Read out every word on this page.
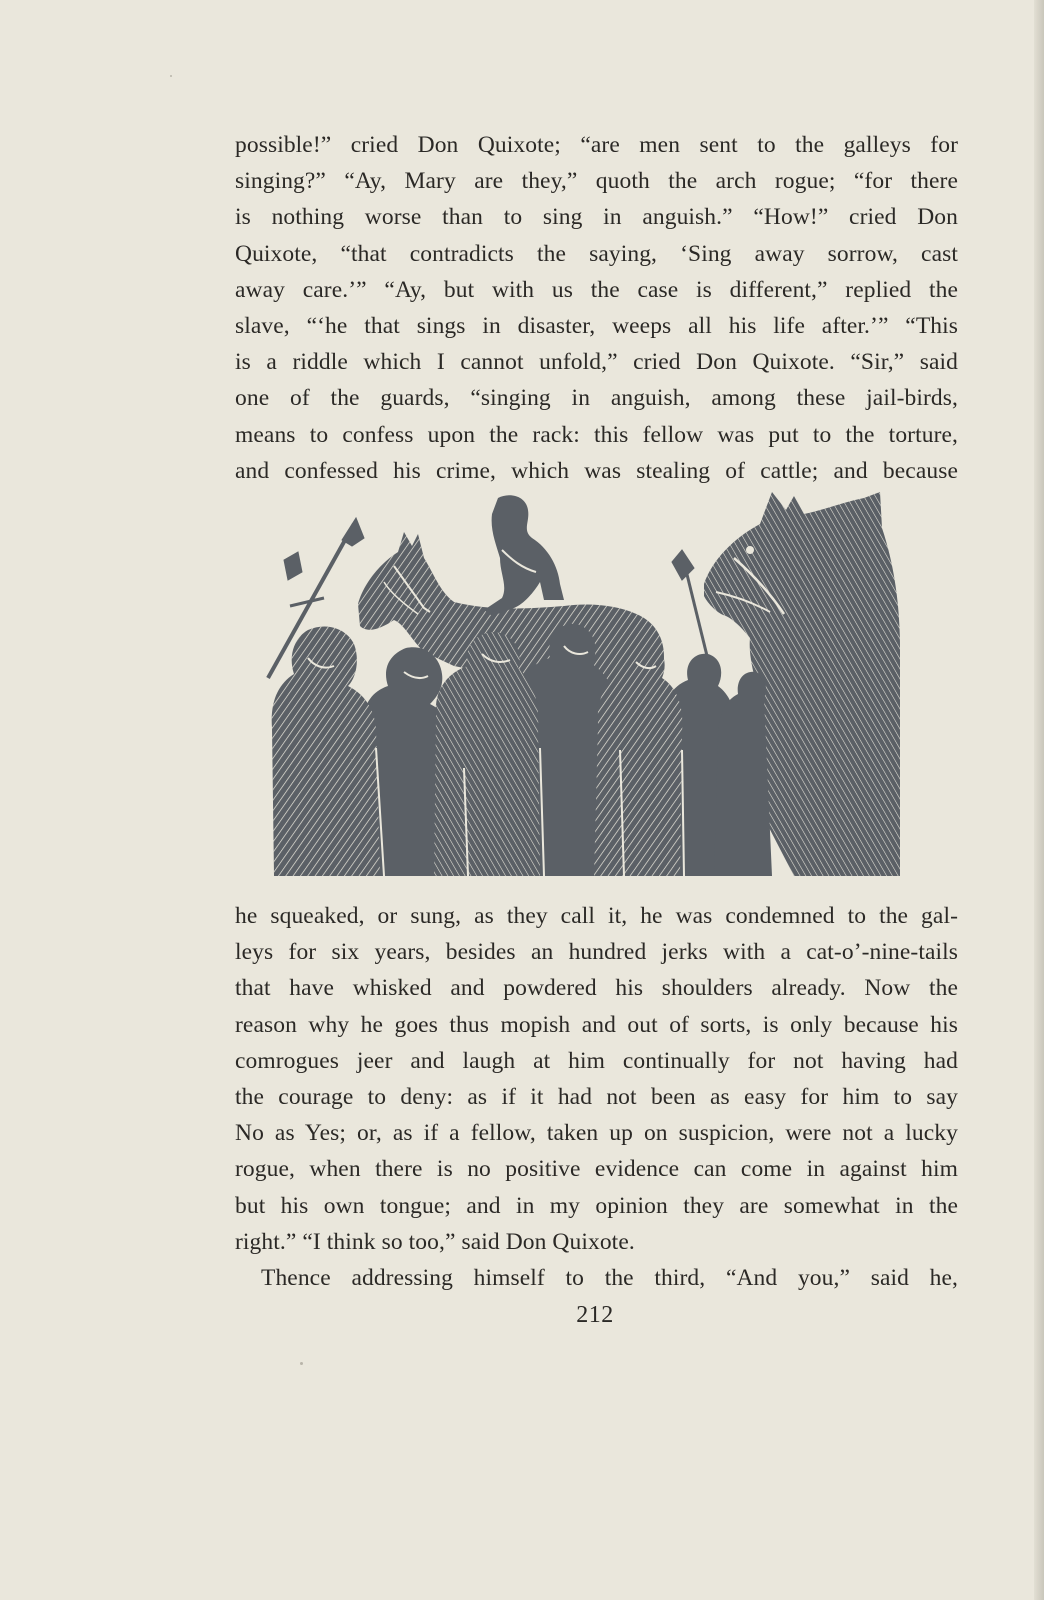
possible!” cried Don Quixote; “are men sent to the galleys for
singing?” “Ay, Mary are they,” quoth the arch rogue; “for there
is nothing worse than to sing in anguish.” “How!” cried Don
Quixote, “that contradicts the saying, ‘Sing away sorrow, cast
away care.’” “Ay, but with us the case is different,” replied the
slave, “‘he that sings in disaster, weeps all his life after.’” “This
is a riddle which I cannot unfold,” cried Don Quixote. “Sir,” said
one of the guards, “singing in anguish, among these jail-birds,
means to confess upon the rack: this fellow was put to the torture,
and confessed his crime, which was stealing of cattle; and because
he squeaked, or sung, as they call it, he was condemned to the gal-
leys for six years, besides an hundred jerks with a cat-o’-nine-tails
that have whisked and powdered his shoulders already. Now the
reason why he goes thus mopish and out of sorts, is only because his
comrogues jeer and laugh at him continually for not having had
the courage to deny: as if it had not been as easy for him to say
No as Yes; or, as if a fellow, taken up on suspicion, were not a lucky
rogue, when there is no positive evidence can come in against him
but his own tongue; and in my opinion they are somewhat in the
right.” “I think so too,” said Don Quixote.
Thence addressing himself to the third, “And you,” said he,
212
